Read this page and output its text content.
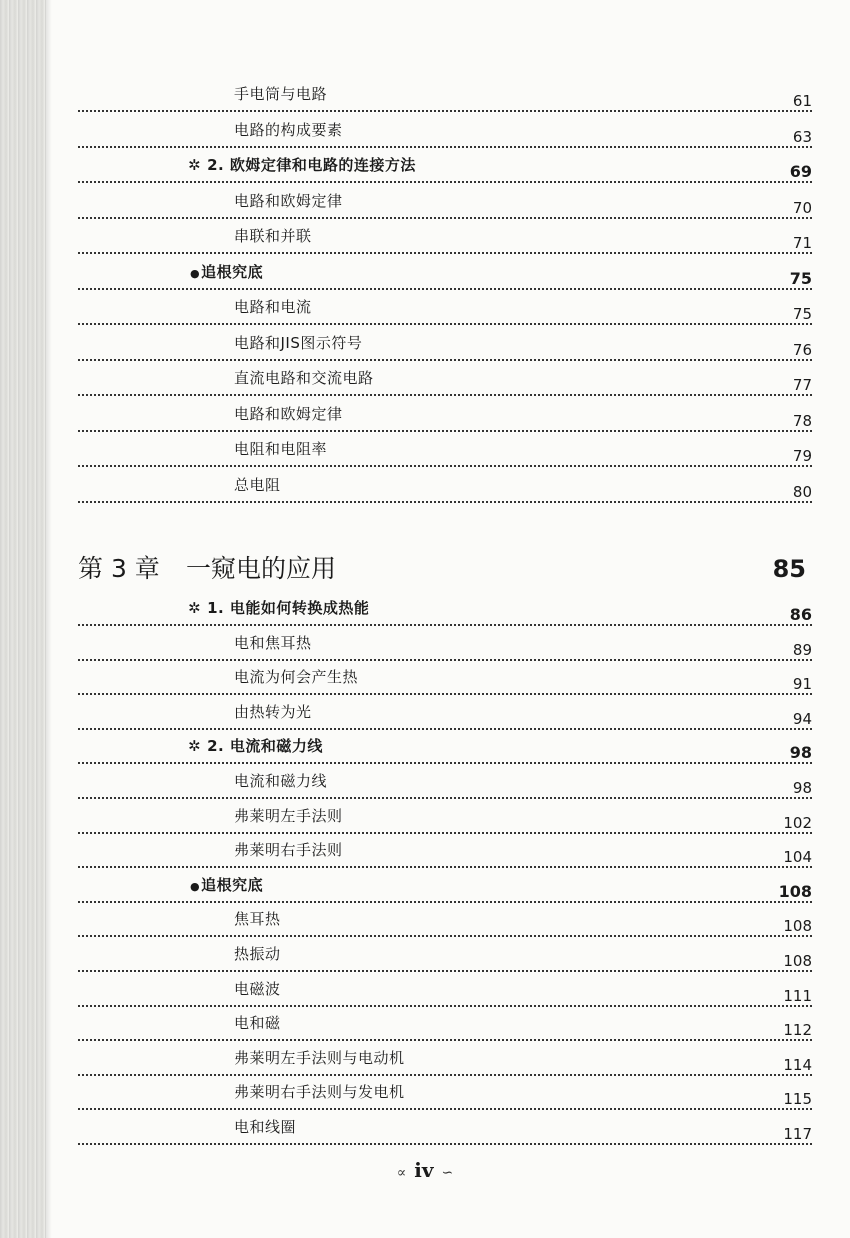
手电筒与电路	61
电路的构成要素	63
✲ 2. 欧姆定律和电路的连接方法	69
电路和欧姆定律	70
串联和并联	71
●追根究底	75
电路和电流	75
电路和JIS图示符号	76
直流电路和交流电路	77
电路和欧姆定律	78
电阻和电阻率	79
总电阻	80
第 3 章 一窥电的应用	85
✲ 1. 电能如何转换成热能	86
电和焦耳热	89
电流为何会产生热	91
由热转为光	94
✲ 2. 电流和磁力线	98
电流和磁力线	98
弗莱明左手法则	102
弗莱明右手法则	104
●追根究底	108
焦耳热	108
热振动	108
电磁波	111
电和磁	112
弗莱明左手法则与电动机	114
弗莱明右手法则与发电机	115
电和线圈	117
∝ iv ∽
